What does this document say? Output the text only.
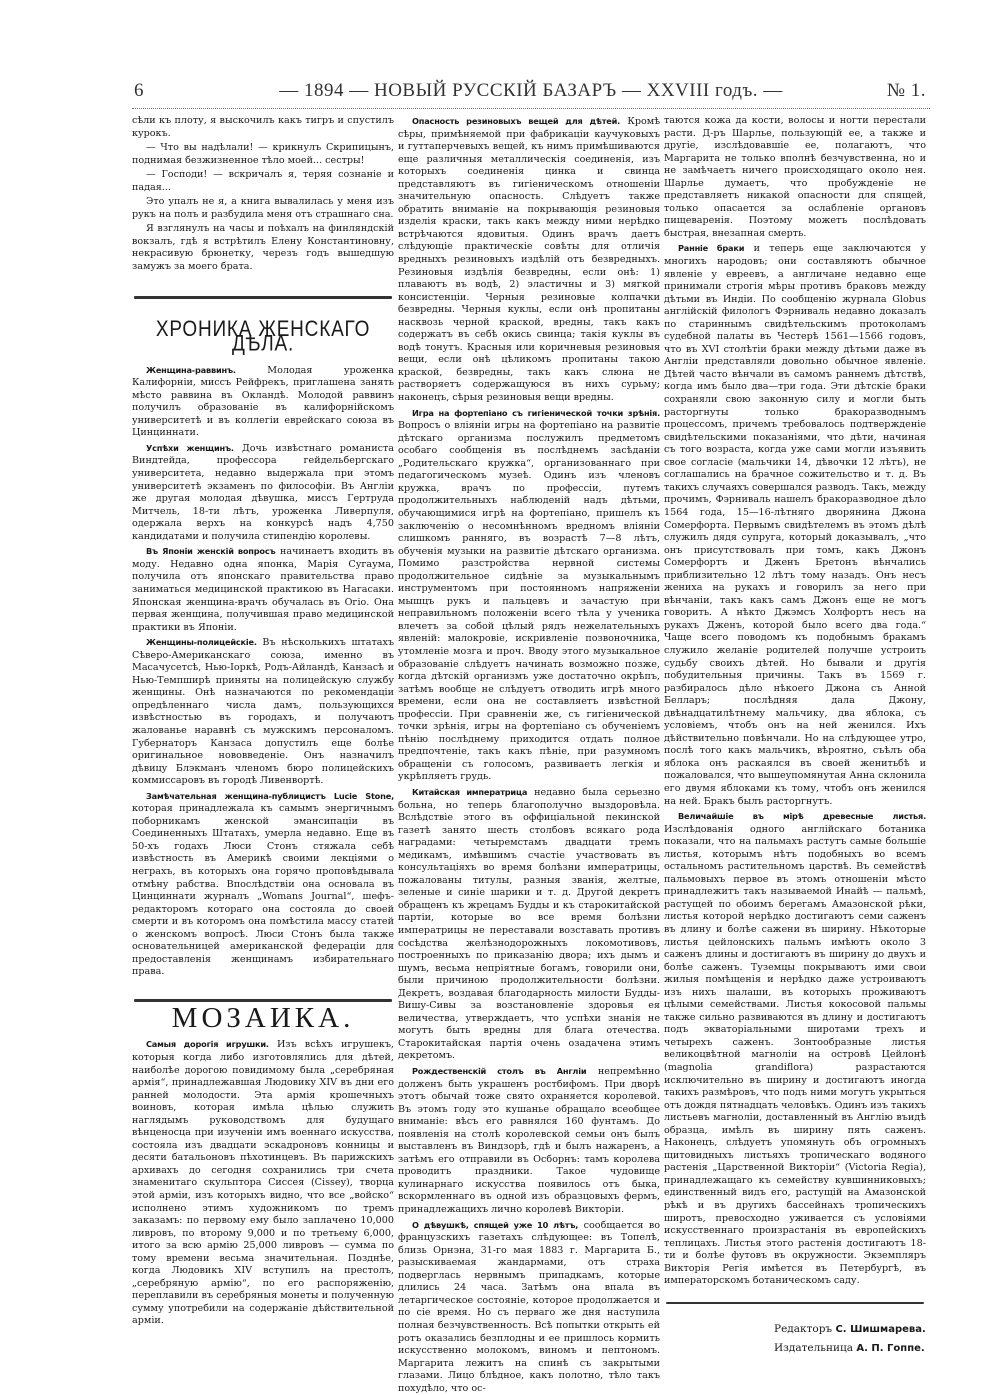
6	— 1894 — НОВЫЙ РУССКІЙ БАЗАРЪ — XXVIII годъ. —	№ 1.

сѣли къ плоту, я выскочилъ какъ тигръ и спустилъ курокъ.

— Что вы надѣлали! — крикнулъ Скрипицынъ, поднимая безжизненное тѣло моей... сестры!

— Господи! — вскричалъ я, теряя сознаніе и падая...

Это упалъ не я, а книга вывалилась у меня изъ рукъ на полъ и разбудила меня отъ страшнаго сна.

Я взглянулъ на часы и поѣхалъ на финляндскій вокзалъ, гдѣ я встрѣтилъ Елену Константиновну, некрасивую брюнетку, черезъ годъ вышедшую замужъ за моего брата.

ХРОНИКА ЖЕНСКАГО ДѢЛА.

Женщина-раввинъ.	Молодая уроженка Калифорніи, миссъ Рейфрекъ, приглашена занять мѣсто раввина въ Окландѣ. Молодой раввинъ получилъ образованіе въ калифорнійскомъ университетѣ и въ коллегіи еврейскаго союза въ Цинциннати.

Успѣхи женщинъ. Дочь извѣстнаго романиста Виндтейда, профессора гейдельбергскаго университета, недавно выдержала при этомъ университетѣ экзаменъ по философіи. Въ Англіи же другая молодая дѣвушка, миссъ Гертруда Митчель, 18-ти лѣтъ, уроженка Ливерпуля, одержала верхъ на конкурсѣ надъ 4,750 кандидатами и получила стипендію королевы.

Въ Японіи женскій вопросъ начинаетъ входить въ моду. Недавно одна японка, Марія Сугаума, получила отъ японскаго правительства право заниматься медицинской практикою въ Нагасаки. Японская женщина-врачъ обучалась въ Огіо. Она первая женщина, получившая право медицинской практики въ Японіи.

Женщины-полицейскіе. Въ нѣсколькихъ штатахъ Сѣверо-Американскаго союза, именно въ Масачусетсѣ, Нью-Іоркѣ, Родъ-Айландѣ, Канзасѣ и Нью-Темпширѣ приняты на полицейскую службу женщины. Онѣ назначаются по рекомендаціи опредѣленнаго числа дамъ, пользующихся извѣстностью въ городахъ, и получаютъ жалованье наравнѣ съ мужскимъ персоналомъ. Губернаторъ Канзаса допустилъ еще болѣе оригинальное нововведеніе. Онъ назначилъ дѣвицу Блэкманъ членомъ бюро полицейскихъ коммиссаровъ въ городѣ Ливенвортѣ.

Замѣчательная женщина-публицистъ Lucie Stone, которая принадлежала къ самымъ энергичнымъ поборникамъ женской эмансипаціи въ Соединенныхъ Штатахъ, умерла недавно. Еще въ 50-хъ годахъ Люси Стонъ стяжала себѣ извѣстность въ Америкѣ своими лекціями о неграхъ, въ которыхъ она горячо проповѣдывала отмѣну рабства. Впослѣдствіи она основала въ Цинциннати журналъ „Womans Journal“, шефъ-редакторомъ котораго она состояла до своей смерти и въ которомъ она помѣстила массу статей о женскомъ вопросѣ. Люси Стонъ была также основательницей американской федераціи для предоставленія женщинамъ избирательнаго права.

МОЗАИКА.

Самыя дорогія игрушки. Изъ всѣхъ игрушекъ, которыя когда либо изготовлялись для дѣтей, наиболѣе дорогою повидимому была „серебряная армія“, принадлежавшая Людовику XIV въ дни его ранней молодости. Эта армія крошечныхъ воиновъ, которая имѣла цѣлью служить наглядымъ руководствомъ для будущаго вѣнценосца при изученіи имъ военнаго искусства, состояла изъ двадцати эскадроновъ конницы и десяти батальоновъ пѣхотинцевъ. Въ парижскихъ архивахъ до сегодня сохранились три счета знаменитаго скульптора Сиссея (Cissey), творца этой арміи, изъ которыхъ видно, что все „войско“ исполнено этимъ художникомъ по тремъ заказамъ: по первому ему было заплачено 10,000 ливровъ, по второму 9,000 и по третьему 6,000, итого за всю армію 25,000 ливровъ — сумма по тому времени весьма значительная. Позднѣе, когда Людовикъ XIV вступилъ на престолъ, „серебряную армію“, по его распоряженію, переплавили въ серебряныя монеты и полученную сумму употребили на содержаніе дѣйствительной арміи.

Опасность резиновыхъ вещей для дѣтей. Кромѣ сѣры, примѣняемой при фабрикаціи каучуковыхъ и гуттаперчевыхъ вещей, къ нимъ примѣшиваются еще различныя металлическія соединенія, изъ которыхъ соединенія цинка и свинца представляютъ въ гигіеническомъ отношеніи значительную опасность. Слѣдуетъ также обратить вниманіе на покрывающія резиновыя изделія краски, такъ какъ между ними нерѣдко встрѣчаются ядовитыя. Одинъ врачъ даетъ слѣдующіе практическіе совѣты для отличія вредныхъ резиновыхъ издѣлій отъ безвредныхъ. Резиновыя издѣлія безвредны, если онѣ: 1) плаваютъ въ водѣ, 2) эластичны и 3) мягкой консистенціи. Черныя резиновые колпачки безвредны. Черныя куклы, если онѣ пропитаны насквозь черной краской, вредны, такъ какъ содержатъ въ себѣ окись свинца; такія куклы въ водѣ тонутъ. Красныя или коричневыя резиновыя вещи, если онѣ цѣликомъ пропитаны такою краской, безвредны, такъ какъ слюна не растворяетъ содержащуюся въ нихъ сурьму; наконецъ, сѣрыя резиновыя вещи вредны.

Игра на фортепіано съ гигіенической точки зрѣнія. Вопросъ о вліяніи игры на фортепіано на развитіе дѣтскаго организма послужилъ предметомъ особаго сообщенія въ послѣднемъ засѣданіи „Родительскаго кружка“, организованнаго при педагогическомъ музеѣ. Одинъ изъ членовъ кружка, врачъ по профессіи, путемъ продолжительныхъ наблюденій надъ дѣтьми, обучающимися игрѣ на фортепіано, пришелъ къ заключенію о несомнѣнномъ вредномъ вліяніи слишкомъ ранняго, въ возрастѣ 7—8 лѣтъ, обученія музыки на развитіе дѣтскаго организма. Помимо разстройства нервной системы продолжительное сидѣніе за музыкальнымъ инструментомъ при постоянномъ напряженіи мышцъ рукъ и пальцевъ и зачастую при неправильномъ положеніи всего тѣла у ученика влечетъ за собой цѣлый рядъ нежелательныхъ явленій: малокровіе, искривленіе позвоночника, утомленіе мозга и проч. Вводу этого музыкальное образованіе слѣдуетъ начинать возможно позже, когда дѣтскій организмъ уже достаточно окрѣпъ, затѣмъ вообще не слѣдуетъ отводить игрѣ много времени, если она не составляетъ извѣстной профессіи. При сравненіи же, съ гигіенической точки зрѣнія, игры на фортепіано съ обученіемъ пѣнію послѣднему приходится отдать полное предпочтеніе, такъ какъ пѣніе, при разумномъ обращеніи съ голосомъ, развиваетъ легкія и укрѣпляетъ грудь.

Китайская императрица недавно была серьезно больна, но теперь благополучно выздоровѣла. Вслѣдствіе этого въ оффиціальной пекинской газетѣ занято шесть столбовъ всякаго рода наградами: четыремстамъ двадцати тремъ медикамъ, имѣвшимъ счастіе участвовать въ консультаціяхъ во время болѣзни императрицы, пожалованы титулы, разныя званія, желтые, зеленые и синіе шарики и т. д. Другой декретъ обращенъ къ жрецамъ Будды и къ старокитайской партіи, которые во все время болѣзни императрицы не переставали возставать противъ сосѣдства желѣзнодорожныхъ локомотивовъ, построенныхъ по приказанію двора; ихъ дымъ и шумъ, весьма непріятные богамъ, говорили они, были причиною продолжительности болѣзни. Декретъ, воздавая благодарность милости Будды-Вишу-Сивы за возстановленіе здоровья ея величества, утверждаетъ, что успѣхи знанія не могутъ быть вредны для блага отечества. Старокитайская партія очень озадачена этимъ декретомъ.

Рождественскій столъ въ Англіи непремѣнно долженъ быть украшенъ ростбифомъ. При дворѣ этотъ обычай тоже свято охраняется королевой. Въ этомъ году это кушанье обращало всеобщее вниманіе: вѣсъ его равнялся 160 фунтамъ. До появленія на столѣ королевской семьи онъ былъ выставленъ въ Виндзорѣ, гдѣ и былъ нажаренъ, а затѣмъ его отправили въ Осборнъ: тамъ королева проводитъ праздники. Такое чудовище кулинарнаго искусства появилось отъ быка, вскормленнаго въ одной изъ образцовыхъ фермъ, принадлежащихъ лично королевѣ Викторіи.

О дѣвушкѣ, спящей уже 10 лѣтъ, сообщается во французскихъ газетахъ слѣдующее: въ Топелѣ, близь Орнэна, 31-го мая 1883 г. Маргарита Б., разыскиваемая жандармами, отъ страха подверглась нервнымъ припадкамъ, которые длились 24 часа. Затѣмъ она впала въ летаргическое состояніе, которое продолжается и по сіе время. Но съ перваго же дня наступила полная безчувственность. Всѣ попытки открыть ей ротъ оказались безплодны и ее пришлось кормить искусственно молокомъ, виномъ и пептономъ. Маргарита лежитъ на спинѣ съ закрытыми глазами. Лицо блѣдное, какъ полотно, тѣло такъ похудѣло, что ос-

таются кожа да кости, волосы и ногти перестали расти. Д-ръ Шарлье, пользующій ее, а также и другіе, изслѣдовавшіе ее, полагаютъ, что Маргарита не только вполнѣ безчувственна, но и не замѣчаетъ ничего происходящаго около нея. Шарлье думаетъ, что пробужденіе не представляетъ никакой опасности для спящей, только опасается за ослабленіе органовъ пищеваренія. Поэтому можетъ послѣдовать быстрая, внезапная смерть.

Ранніе браки и теперь еще заключаются у многихъ народовъ; они составляютъ обычное явленіе у евреевъ, а англичане недавно еще принимали строгія мѣры противъ браковъ между дѣтьми въ Индіи. По сообщенію журнала Globus англійскій филологъ Фэрниваль недавно доказалъ по стариннымъ свидѣтельскимъ протоколамъ судебной палаты въ Честерѣ 1561—1566 годовъ, что въ XVI столѣтіи браки между дѣтьми даже въ Англіи представляли довольно обычное явленіе. Дѣтей часто вѣнчали въ самомъ раннемъ дѣтствѣ, когда имъ было два—три года. Эти дѣтскіе браки сохраняли свою законную силу и могли быть расторгнуты только бракоразводнымъ процессомъ, причемъ требовалось подтвержденіе свидѣтельскими показаніями, что дѣти, начиная съ того возраста, когда уже сами могли изъявить свое согласіе (мальчики 14, дѣвочки 12 лѣтъ), не соглашались на брачное сожительство и т. д. Въ такихъ случаяхъ совершался разводъ. Такъ, между прочимъ, Фэрниваль нашелъ бракоразводное дѣло 1564 года, 15—16-лѣтняго дворянина Джона Сомерфорта. Первымъ свидѣтелемъ въ этомъ дѣлѣ служилъ дядя супруга, который доказывалъ, „что онъ присутствовалъ при томъ, какъ Джонъ Сомерфортъ и Дженъ Бретонъ вѣнчались приблизительно 12 лѣтъ тому назадъ. Онъ несъ жениха на рукахъ и говорилъ за него при вѣнчаніи, такъ какъ самъ Джонъ еще не могъ говорить. А нѣкто Джэмсъ Холфортъ несъ на рукахъ Дженъ, которой было всего два года.“ Чаще всего поводомъ къ подобнымъ бракамъ служило желаніе родителей получше устроить судьбу своихъ дѣтей. Но бывали и другія побудительныя причины. Такъ въ 1569 г. разбиралось дѣло нѣкоего Джона съ Анной Белларъ; послѣдняя дала Джону, двѣнадцатилѣтнему мальчику, два яблока, съ условіемъ, чтобъ онъ на ней женился. Ихъ дѣйствительно повѣнчали. Но на слѣдующее утро, послѣ того какъ мальчикъ, вѣроятно, съѣлъ оба яблока онъ раскаялся въ своей женитьбѣ и пожаловался, что вышеупомянутая Анна склонила его двумя яблоками къ тому, чтобъ онъ женился на ней. Бракъ былъ расторгнутъ.

Величайшіе въ мірѣ древесные листья. Изслѣдованія одного англійскаго ботаника показали, что на пальмахъ растутъ самые большіе листья, которымъ нѣтъ подобныхъ во всемъ остальномъ растительномъ царствѣ. Въ семействѣ пальмовыхъ первое въ этомъ отношеніи мѣсто принадлежитъ такъ называемой Инайѣ — пальмѣ, растущей по обоимъ берегамъ Амазонской рѣки, листья которой нерѣдко достигаютъ семи саженъ въ длину и болѣе сажени въ ширину. Нѣкоторые листья цейлонскихъ пальмъ имѣютъ около 3 саженъ длины и достигаютъ въ ширину до двухъ и болѣе саженъ. Туземцы покрываютъ ими свои жилыя помѣщенія и нерѣдко даже устроиваютъ изъ нихъ шалаши, въ которыхъ проживаютъ цѣлыми семействами. Листья кокосовой пальмы также сильно развиваются въ длину и достигаютъ подъ экваторіальными широтами трехъ и четырехъ саженъ. Зонтообразные листья великоцвѣтной магноліи на островѣ Цейлонѣ (magnolia grandiflora) разрастаются исключительно въ ширину и достигаютъ иногда такихъ размѣровъ, что подъ ними могутъ укрыться отъ дождя пятнадцать человѣкъ. Одинъ изъ такихъ листьевъ магноліи, доставленный въ Англію въидѣ образца, имѣлъ въ ширину пять саженъ. Наконецъ, слѣдуетъ упомянуть объ огромныхъ щитовидныхъ листьяхъ тропическаго водяного растенія „Царственной Викторіи“ (Victoria Regia), принадлежащаго къ семейству кувшинниковыхъ; единственный видъ его, растущій на Амазонской рѣкѣ и въ другихъ бассейнахъ тропическихъ широтъ, превосходно уживается съ условіями искусственнаго произрастанія въ европейскихъ теплицахъ. Листья этого растенія достигаютъ 18-ти и болѣе футовъ въ окружности. Экземпляръ Викторія Регія имѣется въ Петербургѣ, въ императорскомъ ботаническомъ саду.

Редакторъ С. Шишмарева.
Издательница А. П. Гоппе.
